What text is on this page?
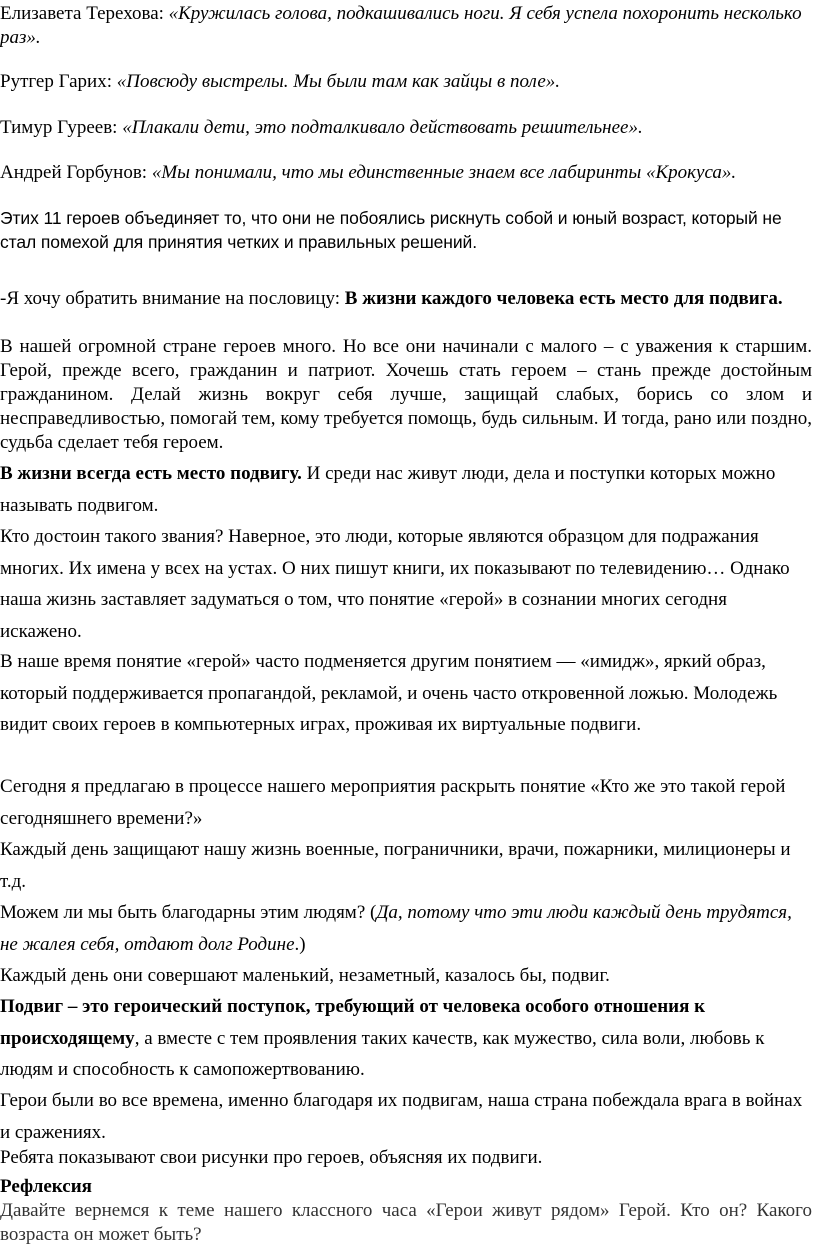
Елизавета Терехова: «Кружилась голова, подкашивались ноги. Я себя успела похоронить несколько раз».

Рутгер Гарих: «Повсюду выстрелы. Мы были там как зайцы в поле».

Тимур Гуреев: «Плакали дети, это подталкивало действовать решительнее».

Андрей Горбунов: «Мы понимали, что мы единственные знаем все лабиринты «Крокуса».

Этих 11 героев объединяет то, что они не побоялись рискнуть собой и юный возраст, который не стал помехой для принятия четких и правильных решений.

-Я хочу обратить внимание на пословицу: В жизни каждого человека есть место для подвига.

В нашей огромной стране героев много. Но все они начинали с малого – с уважения к старшим. Герой, прежде всего, гражданин и патриот. Хочешь стать героем – стань прежде достойным гражданином. Делай жизнь вокруг себя лучше, защищай слабых, борись со злом и несправедливостью, помогай тем, кому требуется помощь, будь сильным. И тогда, рано или поздно, судьба сделает тебя героем.

В жизни всегда есть место подвигу. И среди нас живут люди, дела и поступки которых можно называть подвигом.

Кто достоин такого звания? Наверное, это люди, которые являются образцом для подражания многих. Их имена у всех на устах. О них пишут книги, их показывают по телевидению… Однако наша жизнь заставляет задуматься о том, что понятие «герой» в сознании многих сегодня искажено.

В наше время понятие «герой» часто подменяется другим понятием — «имидж», яркий образ, который поддерживается пропагандой, рекламой, и очень часто откровенной ложью. Молодежь видит своих героев в компьютерных играх, проживая их виртуальные подвиги.

Сегодня я предлагаю в процессе нашего мероприятия раскрыть понятие «Кто же это такой герой сегодняшнего времени?»

Каждый день защищают нашу жизнь военные, пограничники, врачи, пожарники, милиционеры и т.д.

Можем ли мы быть благодарны этим людям? (Да, потому что эти люди каждый день трудятся, не жалея себя, отдают долг Родине.)

Каждый день они совершают маленький, незаметный, казалось бы, подвиг.

Подвиг – это героический поступок, требующий от человека особого отношения к происходящему, а вместе с тем проявления таких качеств, как мужество, сила воли, любовь к людям и способность к самопожертвованию.

Герои были во все времена, именно благодаря их подвигам, наша страна побеждала врага в войнах и сражениях.

Ребята показывают свои рисунки про героев, объясняя их подвиги.

Рефлексия

Давайте вернемся к теме нашего классного часа «Герои живут рядом» Герой. Кто он? Какого возраста он может быть?
